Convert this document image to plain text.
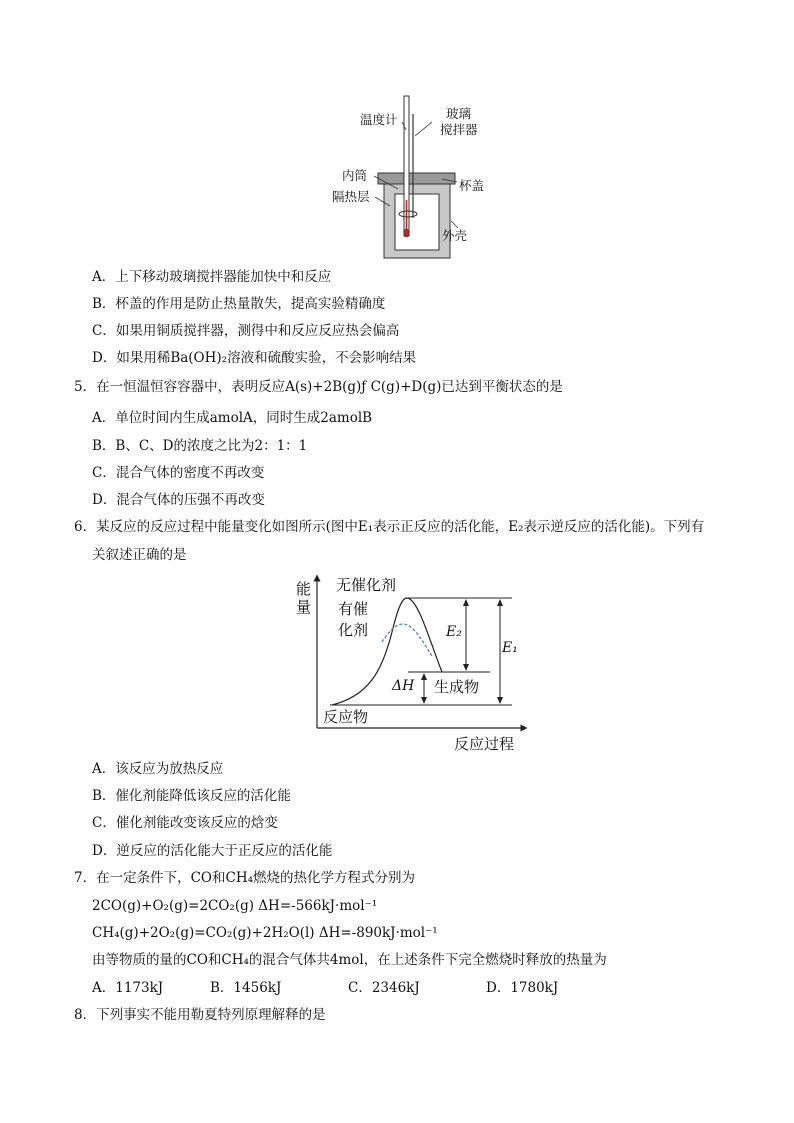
温度计	玻璃
搅拌器
内筒
隔热层
杯盖
外壳
A．上下移动玻璃搅拌器能加快中和反应
B．杯盖的作用是防止热量散失，提高实验精确度
C．如果用铜质搅拌器，测得中和反应反应热会偏高
D．如果用稀Ba(OH)₂溶液和硫酸实验，不会影响结果
5．在一恒温恒容容器中，表明反应A(s)+2B(g)ƒ C(g)+D(g)已达到平衡状态的是
A．单位时间内生成amolA，同时生成2amolB
B．B、C、D的浓度之比为2：1：1
C．混合气体的密度不再改变
D．混合气体的压强不再改变
6．某反应的反应过程中能量变化如图所示(图中E₁表示正反应的活化能，E₂表示逆反应的活化能)。下列有
关叙述正确的是
能
量
无催化剂
有催
化剂	E₂
E₁
ΔH 生成物
反应物
反应过程
A．该反应为放热反应
B．催化剂能降低该反应的活化能
C．催化剂能改变该反应的焓变
D．逆反应的活化能大于正反应的活化能
7．在一定条件下，CO和CH₄燃烧的热化学方程式分别为
2CO(g)+O₂(g)=2CO₂(g) ΔH=-566kJ·mol⁻¹
CH₄(g)+2O₂(g)=CO₂(g)+2H₂O(l) ΔH=-890kJ·mol⁻¹
由等物质的量的CO和CH₄的混合气体共4mol，在上述条件下完全燃烧时释放的热量为
A．1173kJ	B．1456kJ	C．2346kJ	D．1780kJ
8．下列事实不能用勒夏特列原理解释的是
